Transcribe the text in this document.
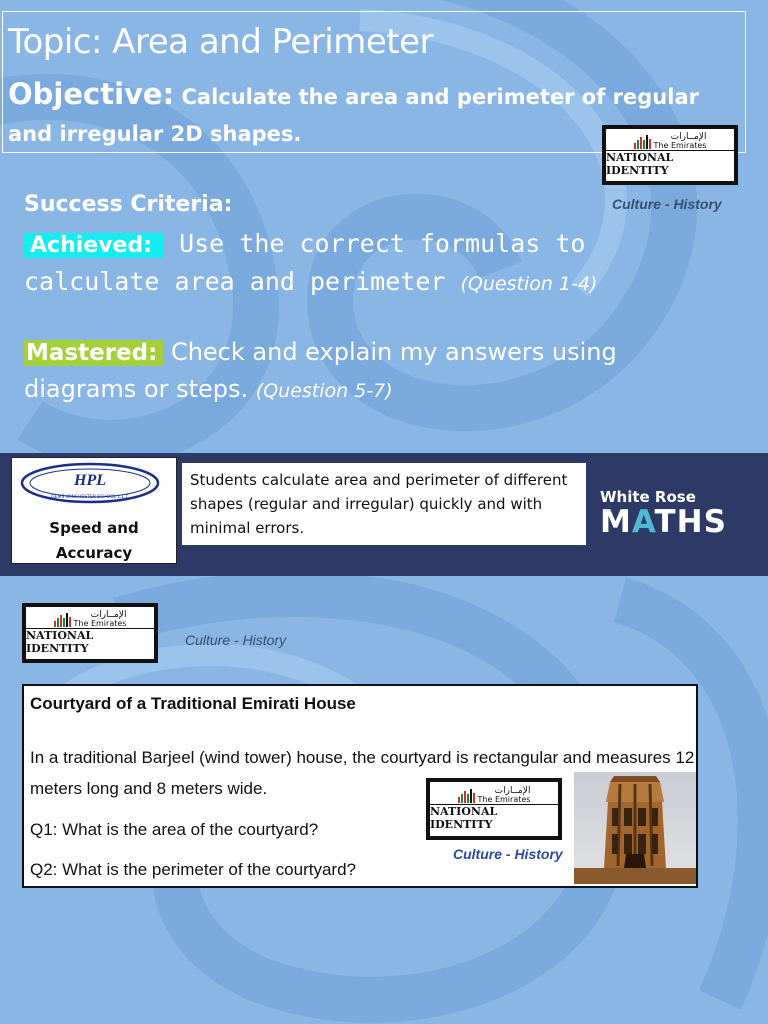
Topic: Area and Perimeter
Objective: Calculate the area and perimeter of regular and irregular 2D shapes.	الإمــارات
The Emirates
NATIONAL IDENTITY
Culture - History
Success Criteria:
Achieved: Use the correct formulas to calculate area and perimeter (Question 1-4)
Mastered: Check and explain my answers using diagrams or steps. (Question 5-7)
HPL
GEMS WINCHESTER SCHOOL L.L.C
Speed and Accuracy
Students calculate area and perimeter of different shapes (regular and irregular) quickly and with minimal errors.
White Rose
MATHS
الإمــارات
The Emirates
NATIONAL IDENTITY
Culture - History
Courtyard of a Traditional Emirati House
In a traditional Barjeel (wind tower) house, the courtyard is rectangular and measures 12 meters long and 8 meters wide.
Q1: What is the area of the courtyard?
Q2: What is the perimeter of the courtyard?
الإمــارات
The Emirates
NATIONAL IDENTITY
Culture - History
